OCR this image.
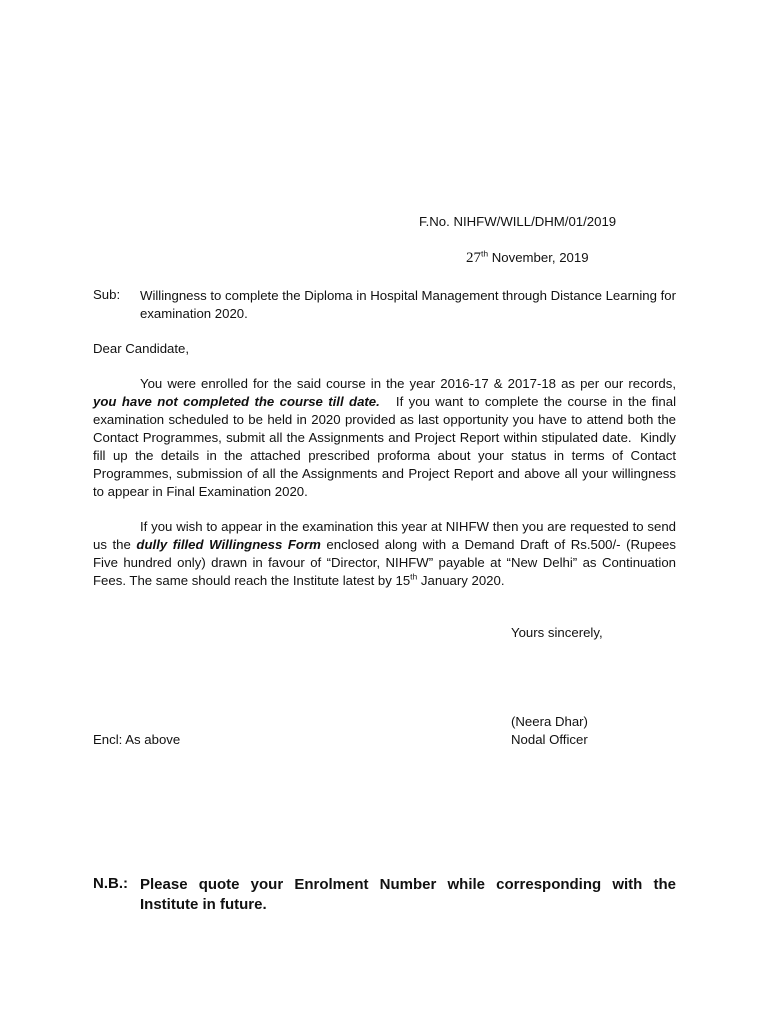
F.No. NIHFW/WILL/DHM/01/2019
27th November, 2019
Sub: Willingness to complete the Diploma in Hospital Management through Distance Learning for examination 2020.
Dear Candidate,
You were enrolled for the said course in the year 2016-17 & 2017-18 as per our records, you have not completed the course till date.   If you want to complete the course in the final examination scheduled to be held in 2020 provided as last opportunity you have to attend both the Contact Programmes, submit all the Assignments and Project Report within stipulated date.  Kindly fill up the details in the attached prescribed proforma about your status in terms of Contact Programmes, submission of all the Assignments and Project Report and above all your willingness to appear in Final Examination 2020.
If you wish to appear in the examination this year at NIHFW then you are requested to send us the dully filled Willingness Form enclosed along with a Demand Draft of Rs.500/- (Rupees Five hundred only) drawn in favour of “Director, NIHFW” payable at “New Delhi” as Continuation Fees. The same should reach the Institute latest by 15th January 2020.
Yours sincerely,
(Neera Dhar)
Nodal Officer
Encl: As above
N.B.: Please quote your Enrolment Number while corresponding with the Institute in future.
